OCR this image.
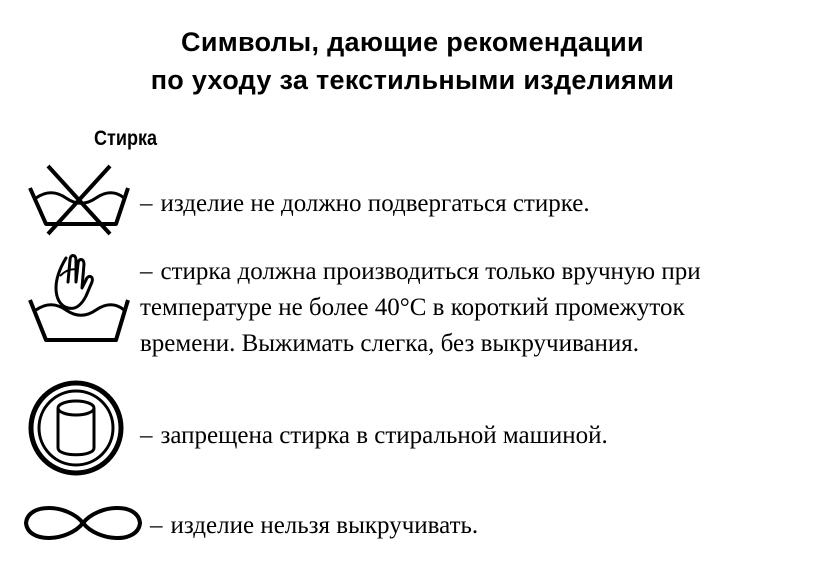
Символы, дающие рекомендации
по уходу за текстильными изделиями
Стирка
– изделие не должно подвергаться стирке.
– стирка должна производиться только вручную при
температуре не более 40°С в короткий промежуток
времени. Выжимать слегка, без выкручивания.
– запрещена стирка в стиральной машиной.
– изделие нельзя выкручивать.
